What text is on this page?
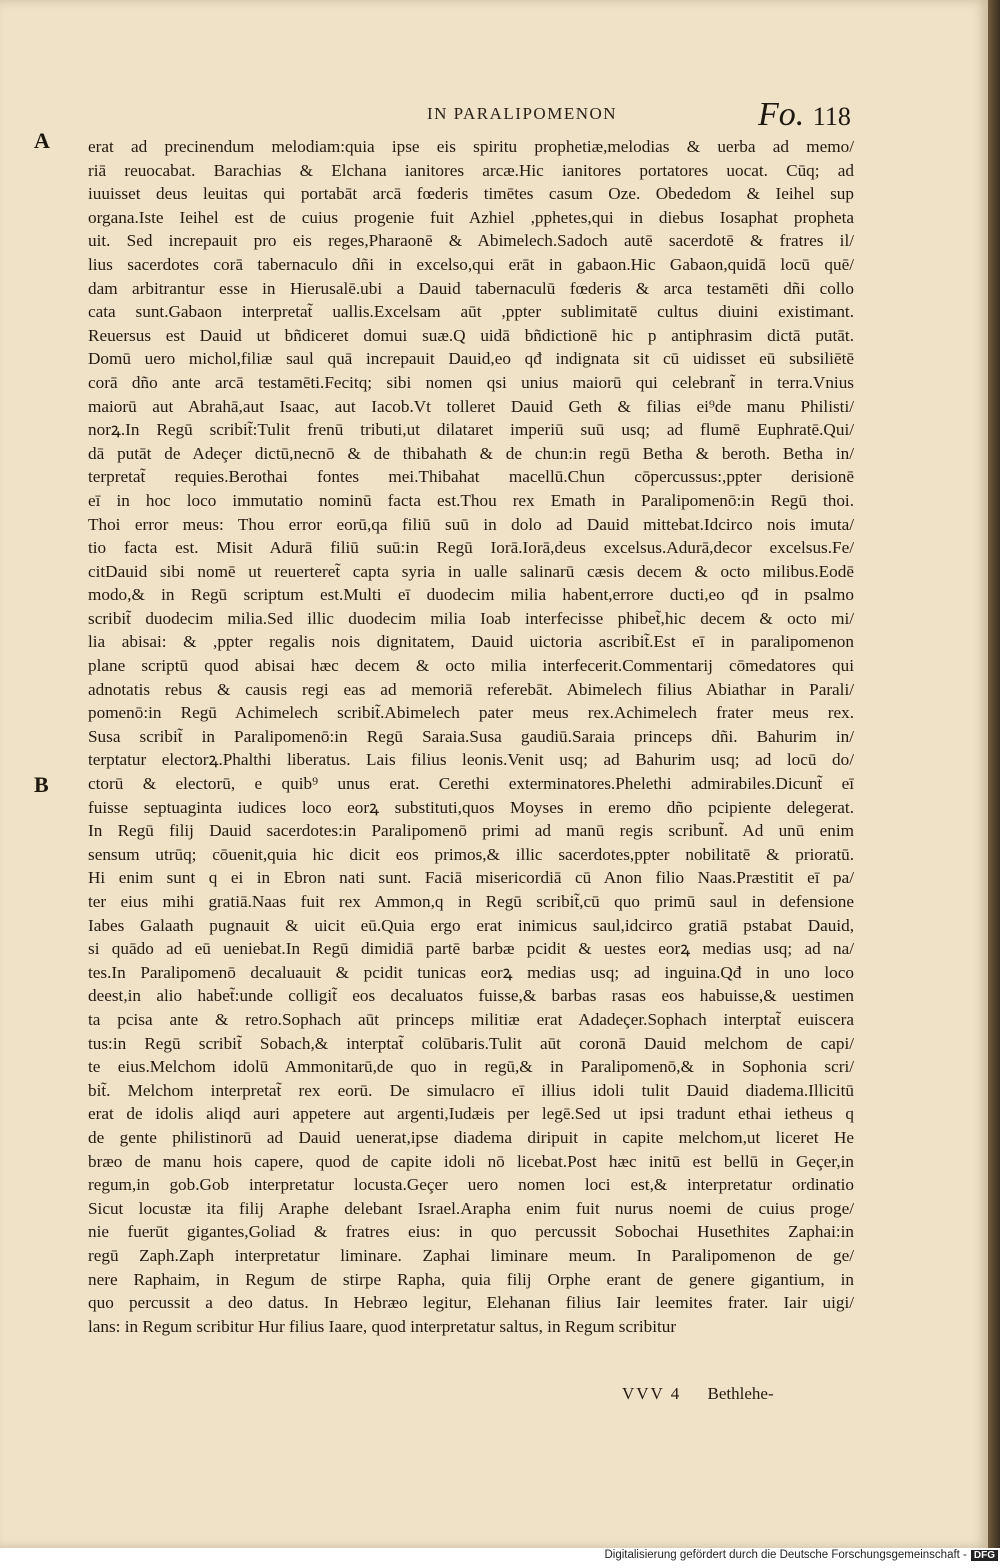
​
IN PARALIPOMENON	Fo. 118
A
B
erat ad precinendum melodiam:quia ipse eis spiritu prophetiæ,melodias & uerba ad memo/
riā reuocabat. Barachias & Elchana ianitores arcæ.Hic ianitores portatores uocat. Cūq; ad
iuuisset deus leuitas qui portabāt arcā fœderis timētes casum Oze. Obededom & Ieihel sup
organa.Iste Ieihel est de cuius progenie fuit Azhiel ,pphetes,qui in diebus Iosaphat propheta
uit. Sed increpauit pro eis reges,Pharaonē & Abimelech.Sadoch autē sacerdotē & fratres il/
lius sacerdotes corā tabernaculo dñi in excelso,qui erāt in gabaon.Hic Gabaon,quidā locū quē/
dam arbitrantur esse in Hierusalē.ubi a Dauid tabernaculū fœderis & arca testamēti dñi collo
cata sunt.Gabaon interpretat̃ uallis.Excelsam aūt ,ppter sublimitatē cultus diuini existimant.
Reuersus est Dauid ut bñdiceret domui suæ.Q uidā bñdictionē hic p antiphrasim dictā putāt.
Domū uero michol,filiæ saul quā increpauit Dauid,eo qđ indignata sit cū uidisset eū subsiliētē
corā dño ante arcā testamēti.Fecitq; sibi nomen qsi unius maiorū qui celebrant̃ in terra.Vnius
maiorū aut Abrahā,aut Isaac, aut Iacob.Vt tolleret Dauid Geth & filias ei⁹de manu Philisti/
norꝝ.In Regū scribit̃:Tulit frenū tributi,ut dilataret imperiū suū usq; ad flumē Euphratē.Qui/
dā putāt de Adeçer dictū,necnō & de thibahath & de chun:in regū Betha & beroth. Betha in/
terpretat̃ requies.Berothai fontes mei.Thibahat macellū.Chun cōpercussus:,ppter derisionē
eī in hoc loco immutatio nominū facta est.Thou rex Emath in Paralipomenō:in Regū thoi.
Thoi error meus: Thou error eorū,qa filiū suū in dolo ad Dauid mittebat.Idcirco nois imuta/
tio facta est. Misit Adurā filiū suū:in Regū Iorā.Iorā,deus excelsus.Adurā,decor excelsus.Fe/
citDauid sibi nomē ut reuerteret̃ capta syria in ualle salinarū cæsis decem & octo milibus.Eodē
modo,& in Regū scriptum est.Multi eī duodecim milia habent,errore ducti,eo qđ in psalmo
scribit̃ duodecim milia.Sed illic duodecim milia Ioab interfecisse phibet̃,hic decem & octo mi/
lia abisai: & ,ppter regalis nois dignitatem, Dauid uictoria ascribit̃.Est eī in paralipomenon
plane scriptū quod abisai hæc decem & octo milia interfecerit.Commentarij cōmedatores qui
adnotatis rebus & causis regi eas ad memoriā referebāt. Abimelech filius Abiathar in Parali/
pomenō:in Regū Achimelech scribit̃.Abimelech pater meus rex.Achimelech frater meus rex.
Susa scribit̃ in Paralipomenō:in Regū Saraia.Susa gaudiū.Saraia princeps dñi. Bahurim in/
terptatur electorꝝ.Phalthi liberatus. Lais filius leonis.Venit usq; ad Bahurim usq; ad locū do/
ctorū & electorū, e quib⁹ unus erat. Cerethi exterminatores.Phelethi admirabiles.Dicunt̃ eī
fuisse septuaginta iudices loco eorꝝ substituti,quos Moyses in eremo dño pcipiente delegerat.
In Regū filij Dauid sacerdotes:in Paralipomenō primi ad manū regis scribunt̃. Ad unū enim
sensum utrūq; cōuenit,quia hic dicit eos primos,& illic sacerdotes,ppter nobilitatē & prioratū.
Hi enim sunt q ei in Ebron nati sunt. Faciā misericordiā cū Anon filio Naas.Præstitit eī pa/
ter eius mihi gratiā.Naas fuit rex Ammon,q in Regū scribit̃,cū quo primū saul in defensione
Iabes Galaath pugnauit & uicit eū.Quia ergo erat inimicus saul,idcirco gratiā pstabat Dauid,
si quādo ad eū ueniebat.In Regū dimidiā partē barbæ pcidit & uestes eorꝝ medias usq; ad na/
tes.In Paralipomenō decaluauit & pcidit tunicas eorꝝ medias usq; ad inguina.Qđ in uno loco
deest,in alio habet̃:unde colligit̃ eos decaluatos fuisse,& barbas rasas eos habuisse,& uestimen
ta pcisa ante & retro.Sophach aūt princeps militiæ erat Adadeçer.Sophach interptat̃ euiscera
tus:in Regū scribit̃ Sobach,& interptat̃ colūbaris.Tulit aūt coronā Dauid melchom de capi/
te eius.Melchom idolū Ammonitarū,de quo in regū,& in Paralipomenō,& in Sophonia scri/
bit̃. Melchom interpretat̃ rex eorū. De simulacro eī illius idoli tulit Dauid diadema.Illicitū
erat de idolis aliqd auri appetere aut argenti,Iudæis per legē.Sed ut ipsi tradunt ethai ietheus q
de gente philistinorū ad Dauid uenerat,ipse diadema diripuit in capite melchom,ut liceret He
bræo de manu hois capere, quod de capite idoli nō licebat.Post hæc initū est bellū in Geçer,in
regum,in gob.Gob interpretatur locusta.Geçer uero nomen loci est,& interpretatur ordinatio
Sicut locustæ ita filij Araphe delebant Israel.Arapha enim fuit nurus noemi de cuius proge/
nie fuerūt gigantes,Goliad & fratres eius: in quo percussit Sobochai Husethites Zaphai:in
regū Zaph.Zaph interpretatur liminare. Zaphai liminare meum. In Paralipomenon de ge/
nere Raphaim, in Regum de stirpe Rapha, quia filij Orphe erant de genere gigantium, in
quo percussit a deo datus. In Hebræo legitur, Elehanan filius Iair leemites frater. Iair uigi/
lans: in Regum scribitur Hur filius Iaare, quod interpretatur saltus, in Regum scribitur
VVV 4 Bethlehe-
Digitalisierung gefördert durch die Deutsche Forschungsgemeinschaft - DFG
